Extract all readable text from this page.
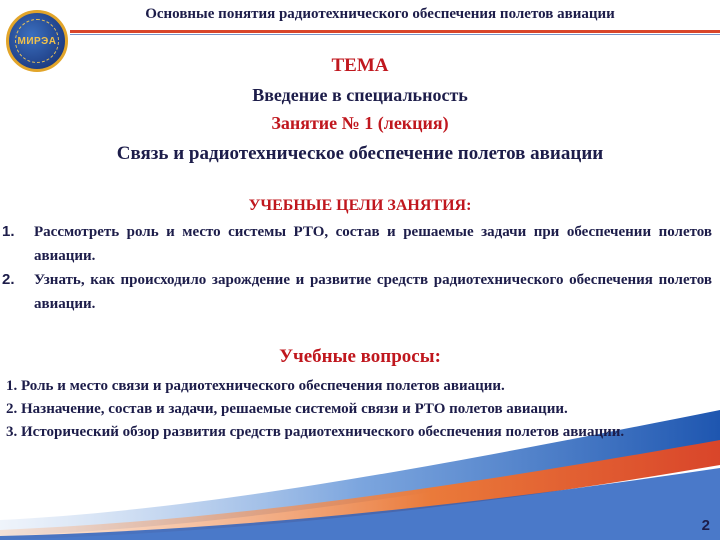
Основные понятия радиотехнического обеспечения полетов авиации
МИРЭА
ТЕМА
Введение в специальность
Занятие № 1 (лекция)
Связь и радиотехническое обеспечение полетов авиации
УЧЕБНЫЕ ЦЕЛИ ЗАНЯТИЯ:
1. Рассмотреть роль и место системы РТО, состав и решаемые задачи при обеспечении полетов авиации.
2. Узнать, как происходило зарождение и развитие средств радиотехнического обеспечения полетов авиации.
Учебные вопросы:
1. Роль и место связи и радиотехнического обеспечения полетов авиации.
2. Назначение, состав и задачи, решаемые системой связи и РТО полетов авиации.
3. Исторический обзор развития средств радиотехнического обеспечения полетов авиации.
2
